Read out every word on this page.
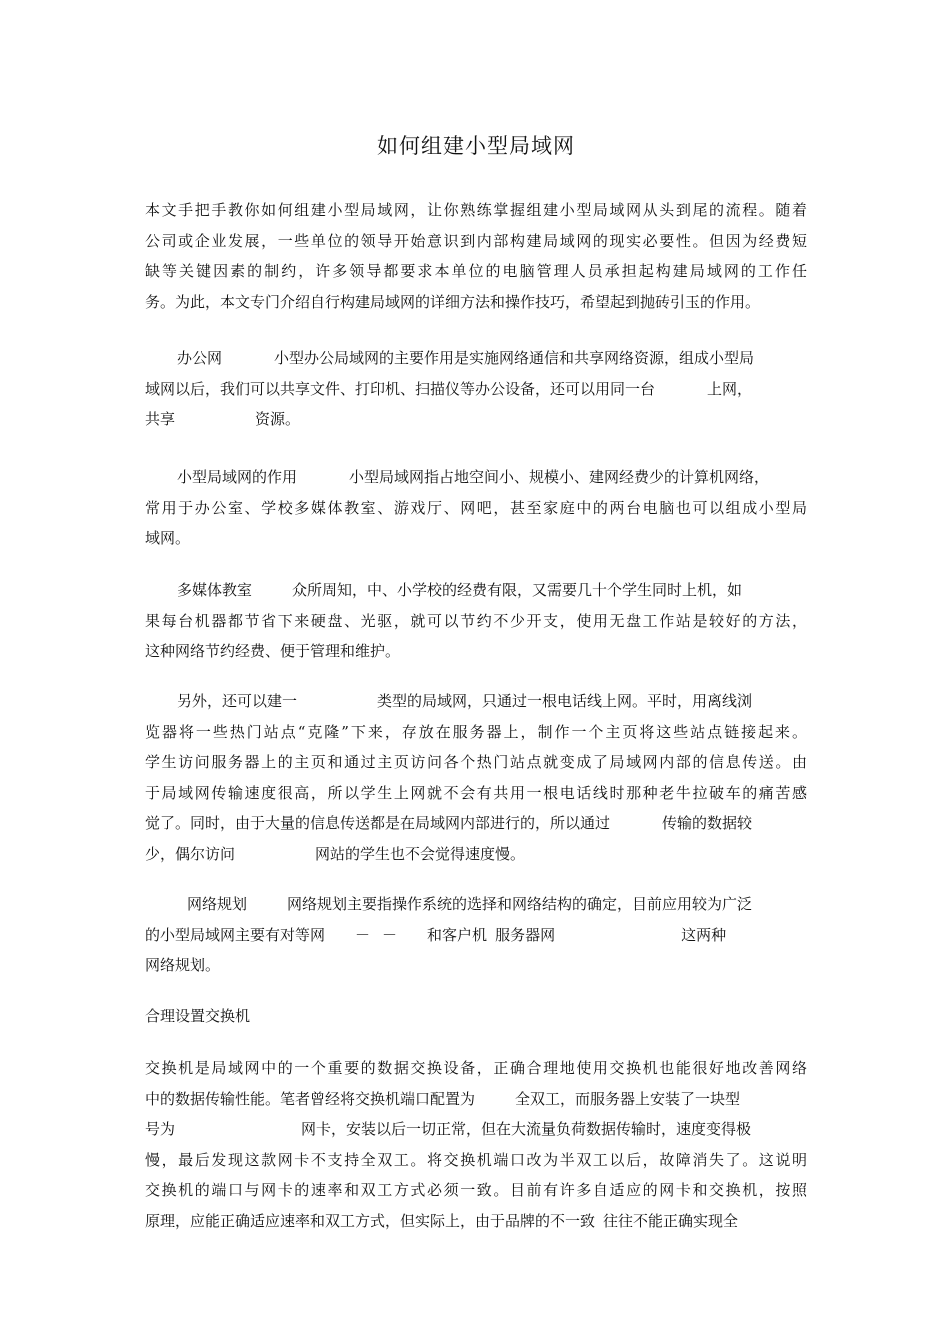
如何组建小型局域网
本文手把手教你如何组建小型局域网，让你熟练掌握组建小型局域网从头到尾的流程。随着
公司或企业发展，一些单位的领导开始意识到内部构建局域网的现实必要性。但因为经费短
缺等关键因素的制约，许多领导都要求本单位的电脑管理人员承担起构建局域网的工作任
务。为此，本文专门介绍自行构建局域网的详细方法和操作技巧，希望起到抛砖引玉的作用。
办公网	小型办公局域网的主要作用是实施网络通信和共享网络资源，组成小型局
域网以后，我们可以共享文件、打印机、扫描仪等办公设备，还可以用同一台	上网，
共享	资源。
小型局域网的作用	小型局域网指占地空间小、规模小、建网经费少的计算机网络，
常用于办公室、学校多媒体教室、游戏厅、网吧，甚至家庭中的两台电脑也可以组成小型局
域网。
多媒体教室	众所周知，中、小学校的经费有限，又需要几十个学生同时上机，如
果每台机器都节省下来硬盘、光驱，就可以节约不少开支，使用无盘工作站是较好的方法，
这种网络节约经费、便于管理和维护。
另外，还可以建一	类型的局域网，只通过一根电话线上网。平时，用离线浏
览器将一些热门站点“克隆”下来，存放在服务器上，制作一个主页将这些站点链接起来。
学生访问服务器上的主页和通过主页访问各个热门站点就变成了局域网内部的信息传送。由
于局域网传输速度很高，所以学生上网就不会有共用一根电话线时那种老牛拉破车的痛苦感
觉了。同时，由于大量的信息传送都是在局域网内部进行的，所以通过	传输的数据较
少，偶尔访问	网站的学生也不会觉得速度慢。
网络规划	网络规划主要指操作系统的选择和网络结构的确定，目前应用较为广泛
的小型局域网主要有对等网 － － 和客户机 服务器网	这两种
网络规划。
合理设置交换机
交换机是局域网中的一个重要的数据交换设备，正确合理地使用交换机也能很好地改善网络
中的数据传输性能。笔者曾经将交换机端口配置为	全双工，而服务器上安装了一块型
号为	网卡，安装以后一切正常，但在大流量负荷数据传输时，速度变得极
慢，最后发现这款网卡不支持全双工。将交换机端口改为半双工以后，故障消失了。这说明
交换机的端口与网卡的速率和双工方式必须一致。目前有许多自适应的网卡和交换机，按照
原理，应能正确适应速率和双工方式，但实际上，由于品牌的不一致 往往不能正确实现全
